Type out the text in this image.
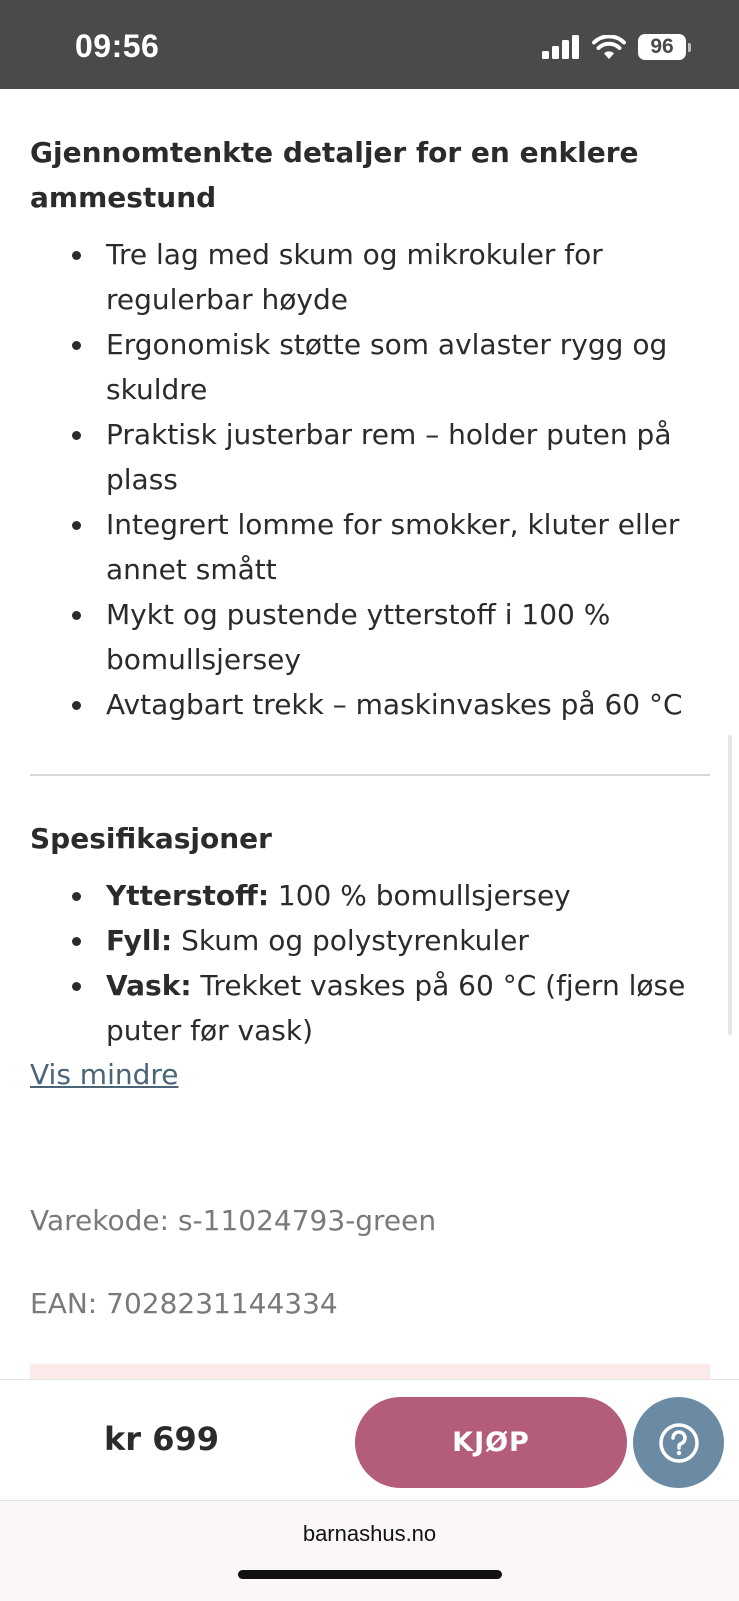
09:56	96
Gjennomtenkte detaljer for en enklere ammestund
Tre lag med skum og mikrokuler for regulerbar høyde
Ergonomisk støtte som avlaster rygg og skuldre
Praktisk justerbar rem – holder puten på plass
Integrert lomme for smokker, kluter eller annet smått
Mykt og pustende ytterstoff i 100 % bomullsjersey
Avtagbart trekk – maskinvaskes på 60 °C
Spesifikasjoner
Ytterstoff: 100 % bomullsjersey
Fyll: Skum og polystyrenkuler
Vask: Trekket vaskes på 60 °C (fjern løse puter før vask)
Vis mindre
Varekode: s-11024793-green
EAN: 7028231144334
kr 699	KJØP
barnashus.no
